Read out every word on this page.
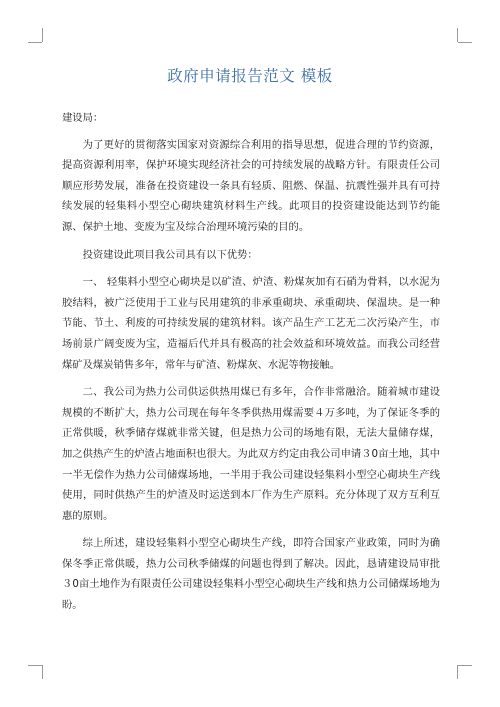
政府申请报告范文 模板

建设局：

为了更好的贯彻落实国家对资源综合利用的指导思想，促进合理的节约资源，提高资源利用率，保护环境实现经济社会的可持续发展的战略方针。有限责任公司顺应形势发展，准备在投资建设一条具有轻质、阻燃、保温、抗震性强并具有可持续发展的轻集料小型空心砌块建筑材料生产线。此项目的投资建设能达到节约能源、保护土地、变废为宝及综合治理环境污染的目的。

投资建设此项目我公司具有以下优势：

一、 轻集料小型空心砌块是以矿渣、炉渣、粉煤灰加有石硝为骨料，以水泥为胶结料，被广泛使用于工业与民用建筑的非承重砌块、承重砌块、保温块。是一种节能、节土、利废的可持续发展的建筑材料。该产品生产工艺无二次污染产生，市场前景广阔变废为宝，造福后代并具有极高的社会效益和环境效益。而我公司经营煤矿及煤炭销售多年，常年与矿渣、粉煤灰、水泥等物接触。

二、我公司为热力公司供运供热用煤已有多年，合作非常融洽。随着城市建设规模的不断扩大，热力公司现在每年冬季供热用煤需要４万多吨，为了保证冬季的正常供暖，秋季储存煤就非常关键，但是热力公司的场地有限，无法大量储存煤，加之供热产生的炉渣占地面积也很大。为此双方约定由我公司申请３0亩土地，其中一半无偿作为热力公司储煤场地，一半用于我公司建设轻集料小型空心砌块生产线使用，同时供热产生的炉渣及时运送到本厂作为生产原料。充分体现了双方互利互惠的原则。

综上所述，建设轻集料小型空心砌块生产线，即符合国家产业政策，同时为确保冬季正常供暖，热力公司秋季储煤的问题也得到了解决。因此，恳请建设局审批３0亩土地作为有限责任公司建设轻集料小型空心砌块生产线和热力公司储煤场地为盼。
